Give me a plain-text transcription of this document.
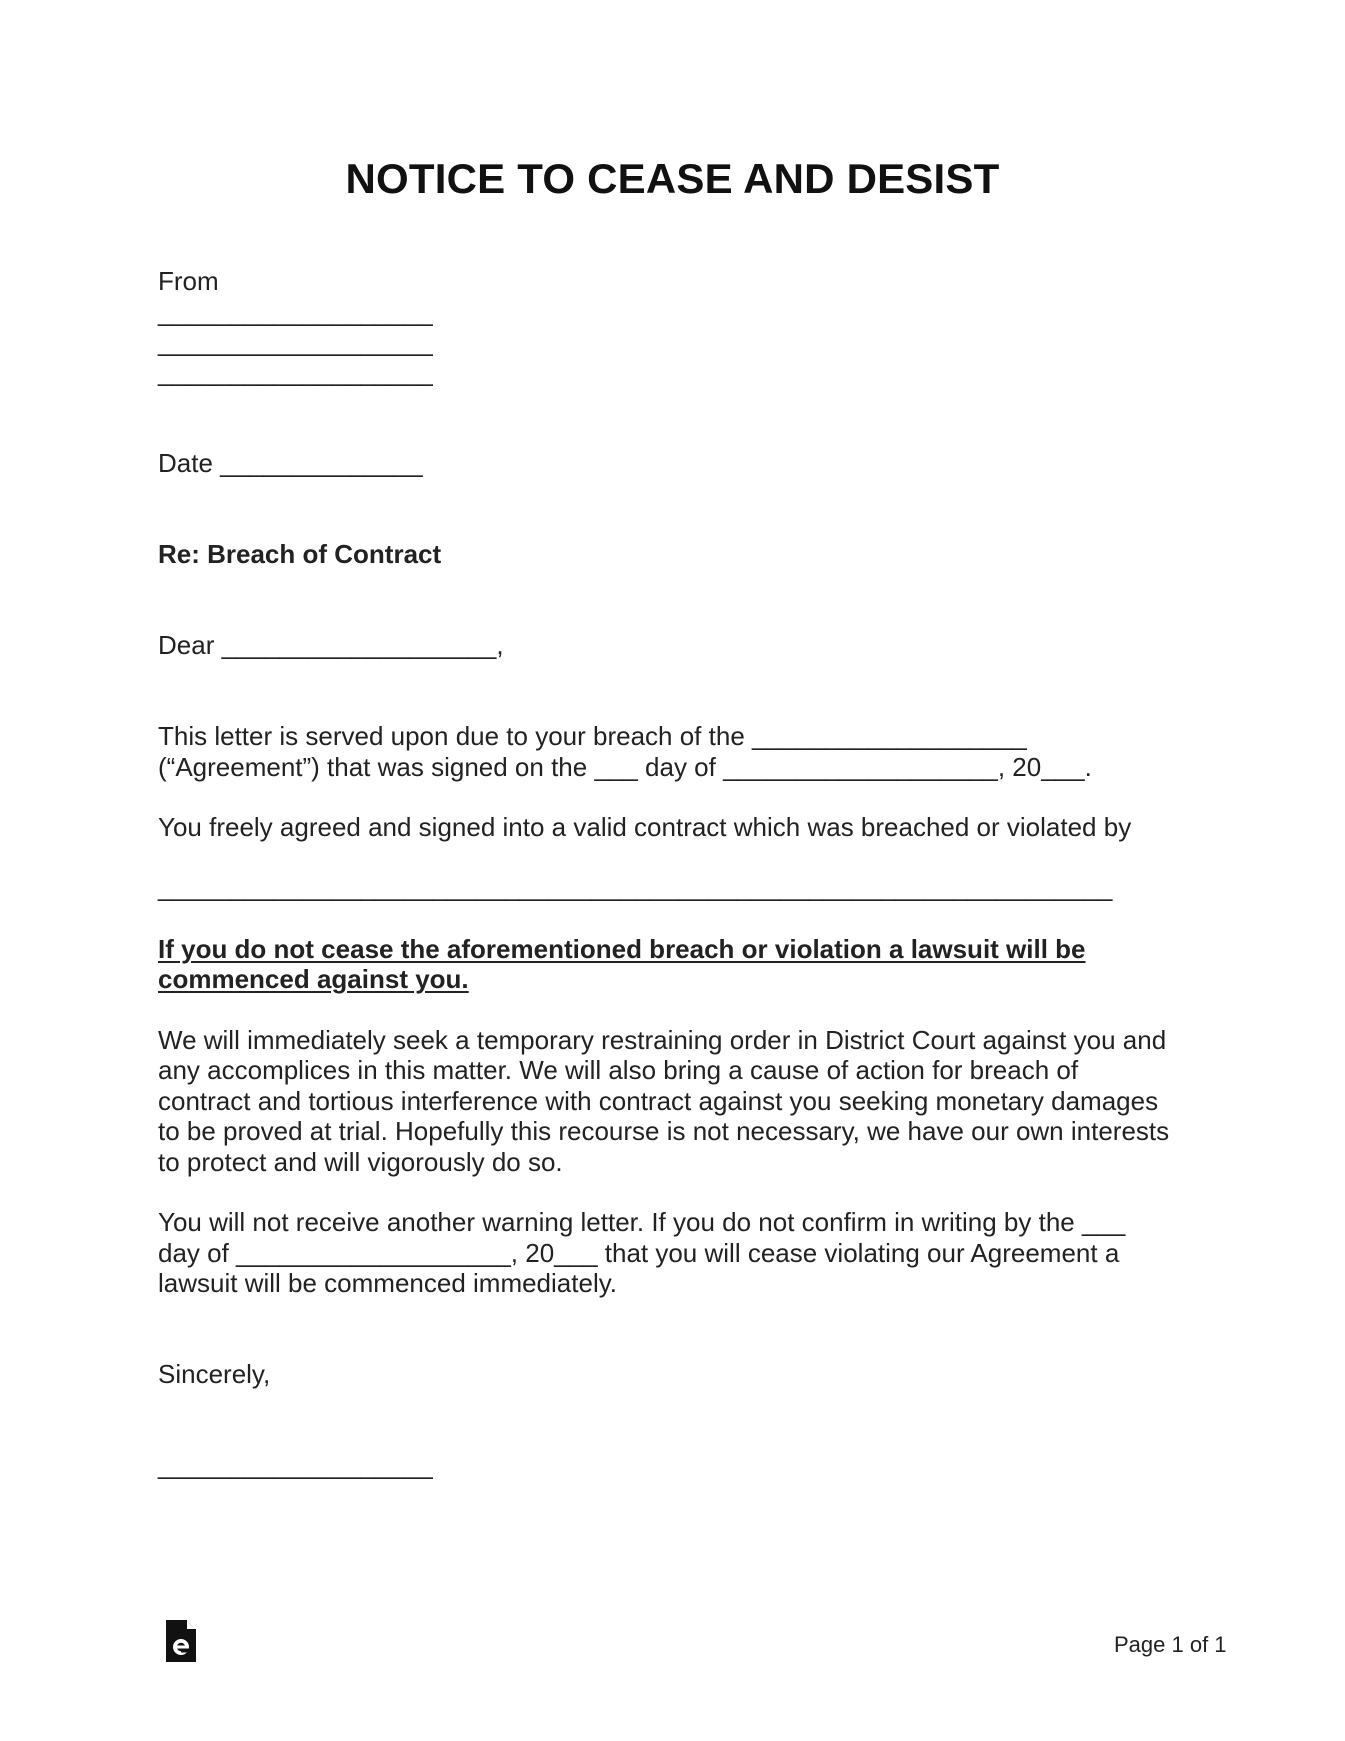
NOTICE TO CEASE AND DESIST
From
___________________
___________________
___________________
Date ______________
Re: Breach of Contract
Dear ___________________,
This letter is served upon due to your breach of the ___________________
(“Agreement”) that was signed on the ___ day of ___________________, 20___.
You freely agreed and signed into a valid contract which was breached or violated by
__________________________________________________________________
If you do not cease the aforementioned breach or violation a lawsuit will be
commenced against you.
We will immediately seek a temporary restraining order in District Court against you and
any accomplices in this matter. We will also bring a cause of action for breach of
contract and tortious interference with contract against you seeking monetary damages
to be proved at trial. Hopefully this recourse is not necessary, we have our own interests
to protect and will vigorously do so.
You will not receive another warning letter. If you do not confirm in writing by the ___
day of ___________________, 20___ that you will cease violating our Agreement a
lawsuit will be commenced immediately.
Sincerely,
___________________
Page 1 of 1
